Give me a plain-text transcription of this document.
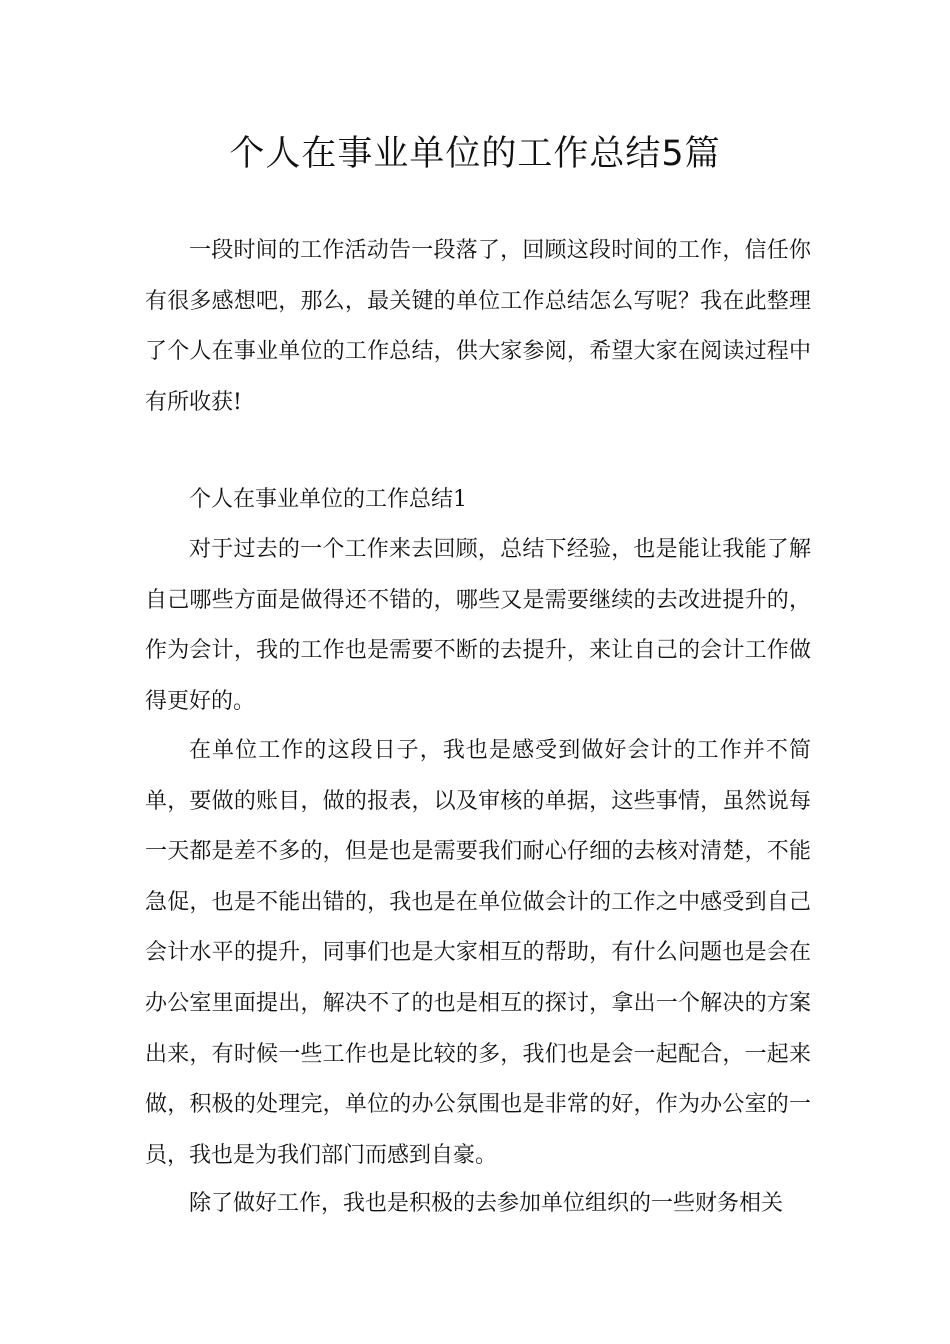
个人在事业单位的工作总结5篇

一段时间的工作活动告一段落了，回顾这段时间的工作，信任你有很多感想吧，那么，最关键的单位工作总结怎么写呢？我在此整理了个人在事业单位的工作总结，供大家参阅，希望大家在阅读过程中有所收获!

个人在事业单位的工作总结1

对于过去的一个工作来去回顾，总结下经验，也是能让我能了解自己哪些方面是做得还不错的，哪些又是需要继续的去改进提升的，作为会计，我的工作也是需要不断的去提升，来让自己的会计工作做得更好的。

在单位工作的这段日子，我也是感受到做好会计的工作并不简单，要做的账目，做的报表，以及审核的单据，这些事情，虽然说每一天都是差不多的，但是也是需要我们耐心仔细的去核对清楚，不能急促，也是不能出错的，我也是在单位做会计的工作之中感受到自己会计水平的提升，同事们也是大家相互的帮助，有什么问题也是会在办公室里面提出，解决不了的也是相互的探讨，拿出一个解决的方案出来，有时候一些工作也是比较的多，我们也是会一起配合，一起来做，积极的处理完，单位的办公氛围也是非常的好，作为办公室的一员，我也是为我们部门而感到自豪。

除了做好工作，我也是积极的去参加单位组织的一些财务相关
